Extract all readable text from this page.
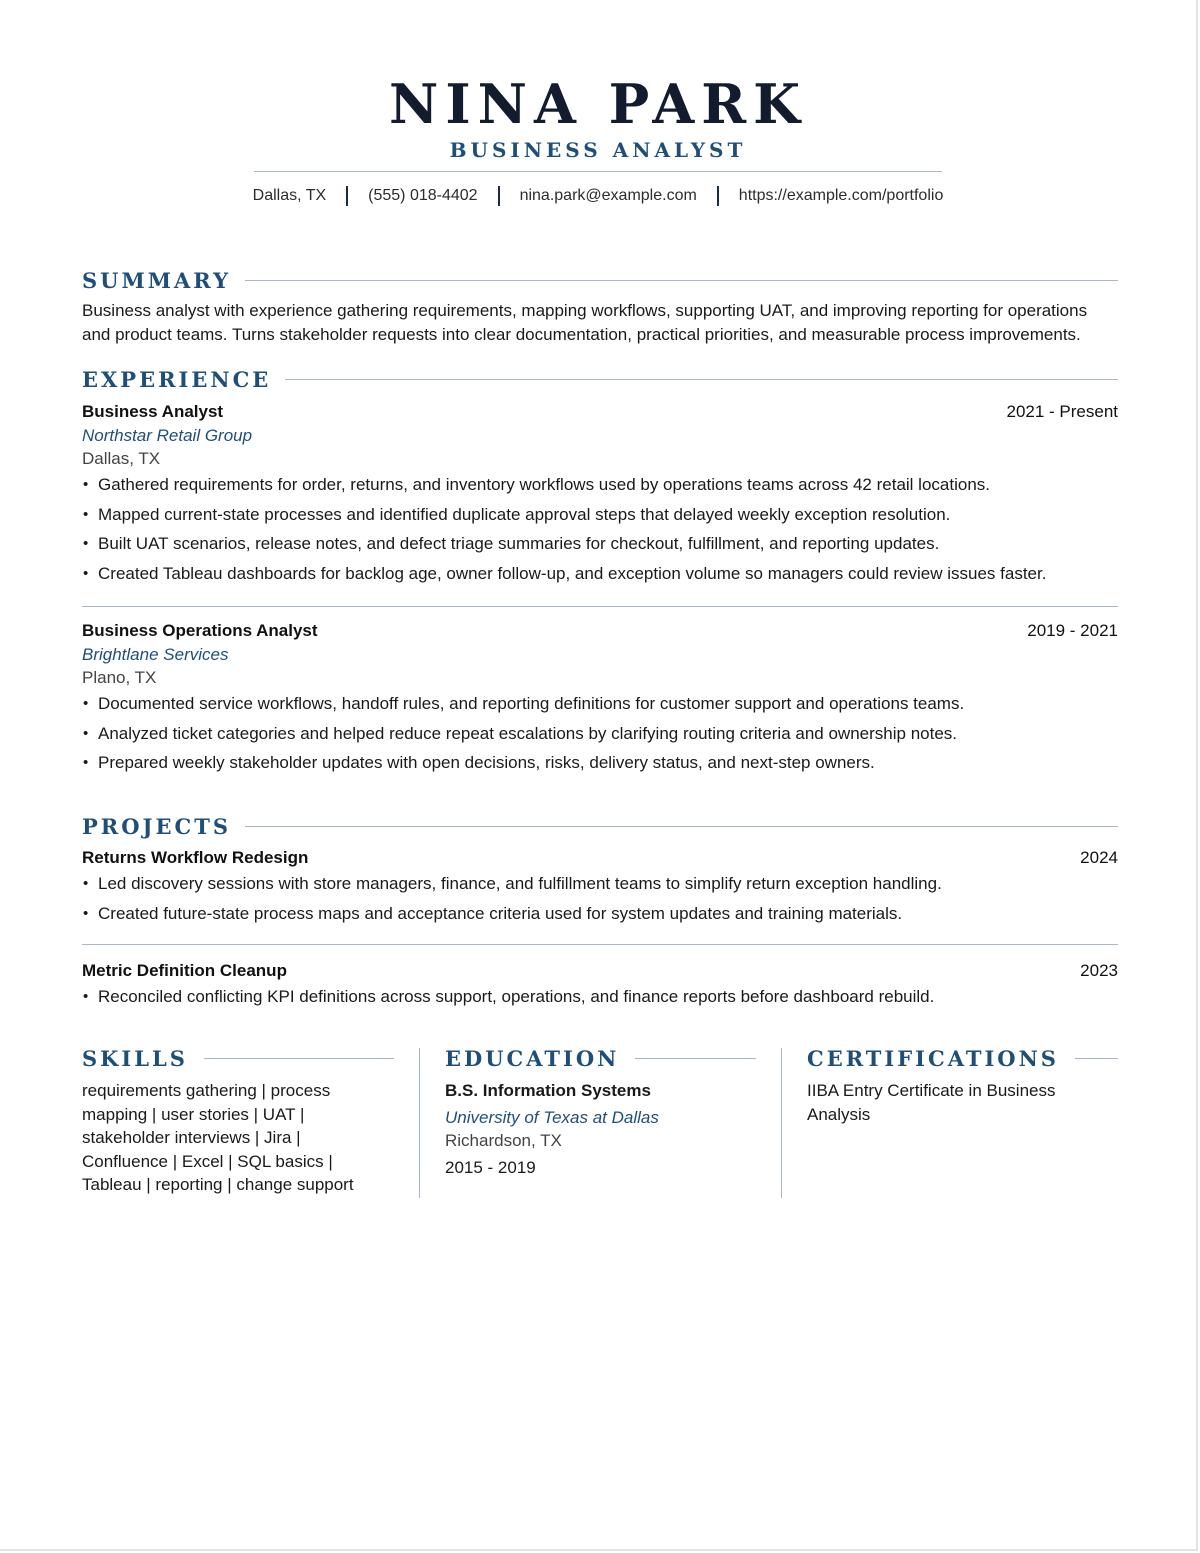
NINA PARK
BUSINESS ANALYST
Dallas, TX	(555) 018-4402	nina.park@example.com	https://example.com/portfolio
SUMMARY
Business analyst with experience gathering requirements, mapping workflows, supporting UAT, and improving reporting for operations and product teams. Turns stakeholder requests into clear documentation, practical priorities, and measurable process improvements.
EXPERIENCE
Business Analyst	2021 - Present
Northstar Retail Group
Dallas, TX
• Gathered requirements for order, returns, and inventory workflows used by operations teams across 42 retail locations.
• Mapped current-state processes and identified duplicate approval steps that delayed weekly exception resolution.
• Built UAT scenarios, release notes, and defect triage summaries for checkout, fulfillment, and reporting updates.
• Created Tableau dashboards for backlog age, owner follow-up, and exception volume so managers could review issues faster.
Business Operations Analyst	2019 - 2021
Brightlane Services
Plano, TX
• Documented service workflows, handoff rules, and reporting definitions for customer support and operations teams.
• Analyzed ticket categories and helped reduce repeat escalations by clarifying routing criteria and ownership notes.
• Prepared weekly stakeholder updates with open decisions, risks, delivery status, and next-step owners.
PROJECTS
Returns Workflow Redesign	2024
• Led discovery sessions with store managers, finance, and fulfillment teams to simplify return exception handling.
• Created future-state process maps and acceptance criteria used for system updates and training materials.
Metric Definition Cleanup	2023
• Reconciled conflicting KPI definitions across support, operations, and finance reports before dashboard rebuild.
SKILLS
requirements gathering | process
mapping | user stories | UAT |
stakeholder interviews | Jira |
Confluence | Excel | SQL basics |
Tableau | reporting | change support
EDUCATION
B.S. Information Systems
University of Texas at Dallas
Richardson, TX
2015 - 2019
CERTIFICATIONS
IIBA Entry Certificate in Business
Analysis
